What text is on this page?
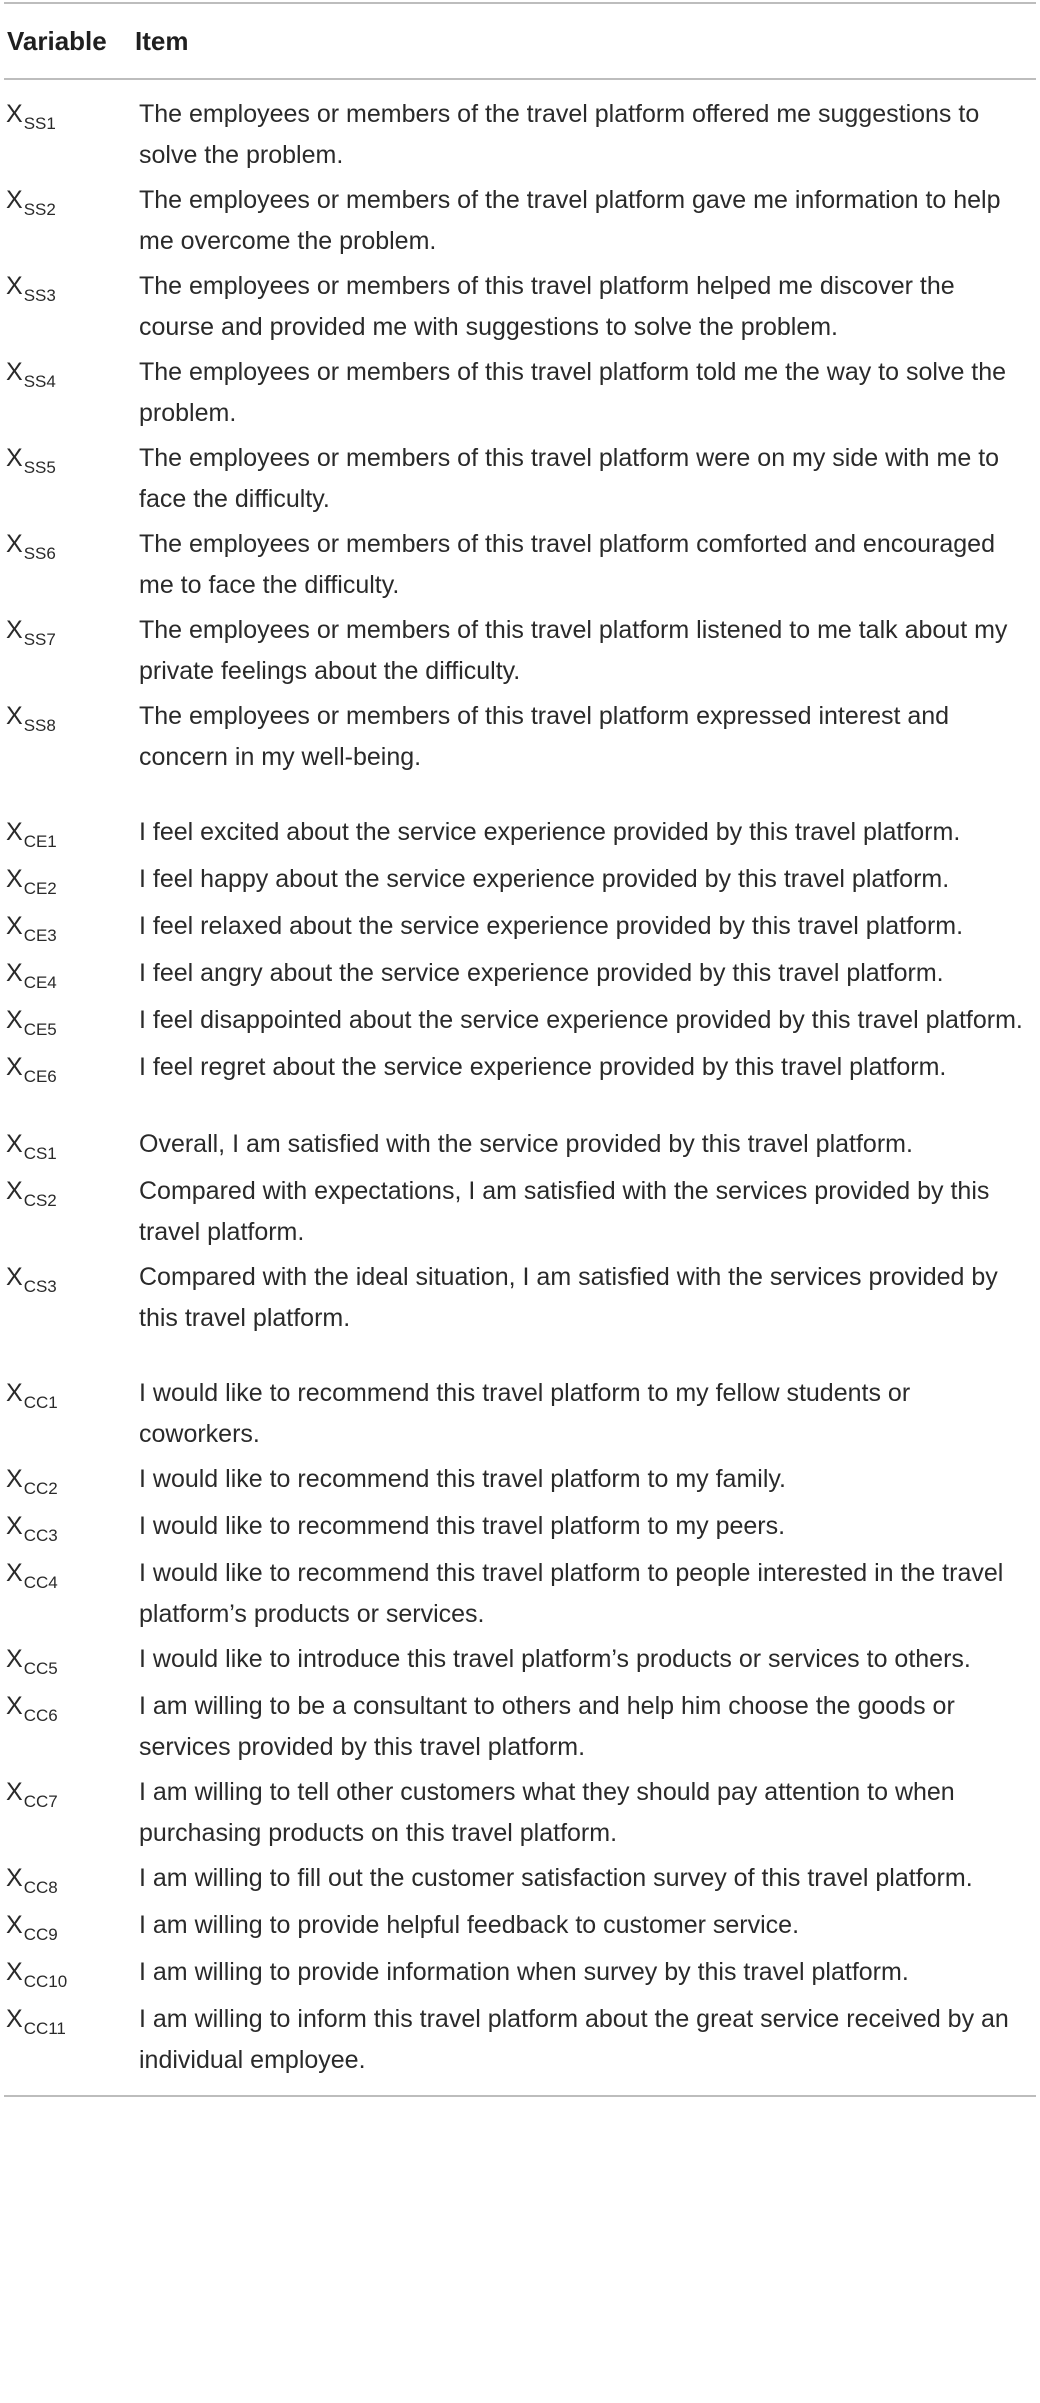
Variable	Item
$X_{SS1}$	The employees or members of the travel platform offered me suggestions to solve the problem.
$X_{SS2}$	The employees or members of the travel platform gave me information to help me overcome the problem.
$X_{SS3}$	The employees or members of this travel platform helped me discover the course and provided me with suggestions to solve the problem.
$X_{SS4}$	The employees or members of this travel platform told me the way to solve the problem.
$X_{SS5}$	The employees or members of this travel platform were on my side with me to face the difficulty.
$X_{SS6}$	The employees or members of this travel platform comforted and encouraged me to face the difficulty.
$X_{SS7}$	The employees or members of this travel platform listened to me talk about my private feelings about the difficulty.
$X_{SS8}$	The employees or members of this travel platform expressed interest and concern in my well-being.
$X_{CE1}$	I feel excited about the service experience provided by this travel platform.
$X_{CE2}$	I feel happy about the service experience provided by this travel platform.
$X_{CE3}$	I feel relaxed about the service experience provided by this travel platform.
$X_{CE4}$	I feel angry about the service experience provided by this travel platform.
$X_{CE5}$	I feel disappointed about the service experience provided by this travel platform.
$X_{CE6}$	I feel regret about the service experience provided by this travel platform.
$X_{CS1}$	Overall, I am satisfied with the service provided by this travel platform.
$X_{CS2}$	Compared with expectations, I am satisfied with the services provided by this travel platform.
$X_{CS3}$	Compared with the ideal situation, I am satisfied with the services provided by this travel platform.
$X_{CC1}$	I would like to recommend this travel platform to my fellow students or coworkers.
$X_{CC2}$	I would like to recommend this travel platform to my family.
$X_{CC3}$	I would like to recommend this travel platform to my peers.
$X_{CC4}$	I would like to recommend this travel platform to people interested in the travel platform’s products or services.
$X_{CC5}$	I would like to introduce this travel platform’s products or services to others.
$X_{CC6}$	I am willing to be a consultant to others and help him choose the goods or services provided by this travel platform.
$X_{CC7}$	I am willing to tell other customers what they should pay attention to when purchasing products on this travel platform.
$X_{CC8}$	I am willing to fill out the customer satisfaction survey of this travel platform.
$X_{CC9}$	I am willing to provide helpful feedback to customer service.
$X_{CC10}$	I am willing to provide information when survey by this travel platform.
$X_{CC11}$	I am willing to inform this travel platform about the great service received by an individual employee.
